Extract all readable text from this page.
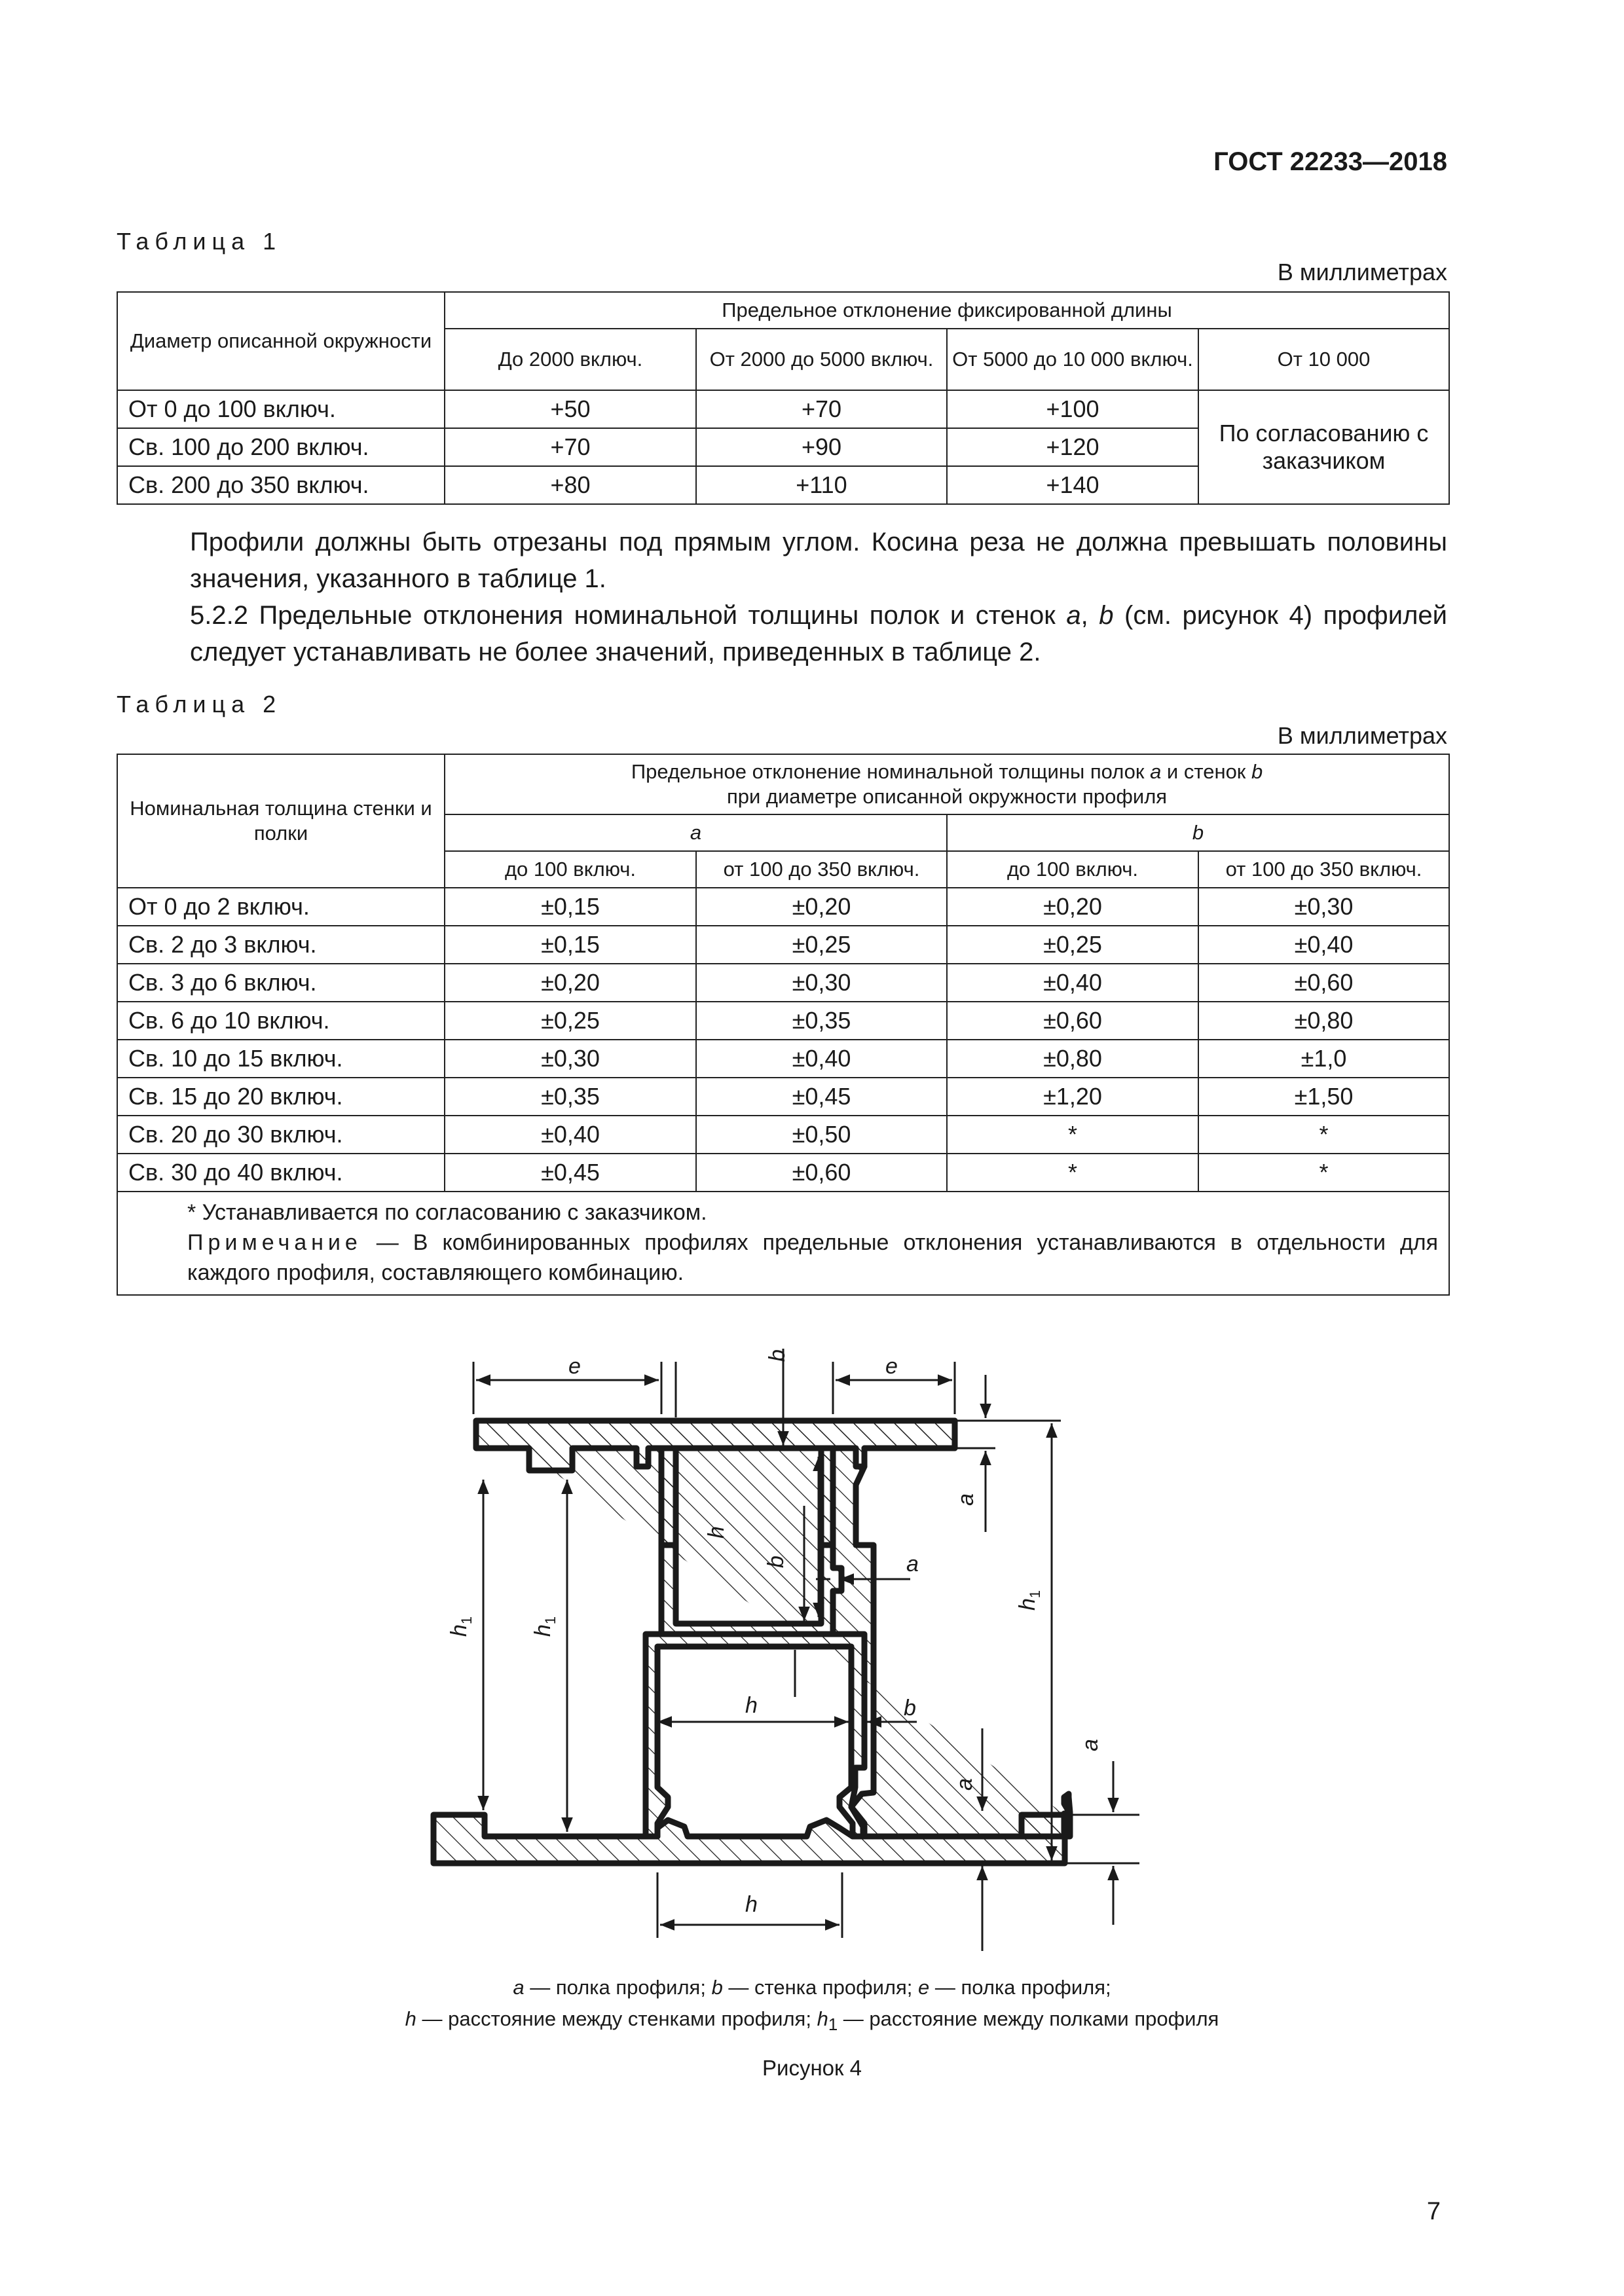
ГОСТ 22233—2018
Таблица 1
В миллиметрах
Диаметр описанной окружности	Предельное отклонение фиксированной длины			
	До 2000 включ.	От 2000 до 5000 включ.	От 5000 до 10 000 включ.	От 10 000
От 0 до 100 включ.	+50	+70	+100	По согласованию с заказчиком
Св. 100 до 200 включ.	+70	+90	+120	
Св. 200 до 350 включ.	+80	+110	+140	
Профили должны быть отрезаны под прямым углом. Косина реза не должна превышать половины значения, указанного в таблице 1.
5.2.2 Предельные отклонения номинальной толщины полок и стенок a, b (см. рисунок 4) профилей следует устанавливать не более значений, приведенных в таблице 2.
Таблица 2
В миллиметрах
Номинальная толщина стенки и полки	Предельное отклонение номинальной толщины полок a и стенок b
при диаметре описанной окружности профиля			
	a		b	
	до 100 включ.	от 100 до 350 включ.	до 100 включ.	от 100 до 350 включ.
От 0 до 2 включ.	±0,15	±0,20	±0,20	±0,30
Св. 2 до 3 включ.	±0,15	±0,25	±0,25	±0,40
Св. 3 до 6 включ.	±0,20	±0,30	±0,40	±0,60
Св. 6 до 10 включ.	±0,25	±0,35	±0,60	±0,80
Св. 10 до 15 включ.	±0,30	±0,40	±0,80	±1,0
Св. 15 до 20 включ.	±0,35	±0,45	±1,20	±1,50
Св. 20 до 30 включ.	±0,40	±0,50	*	*
Св. 30 до 40 включ.	±0,45	±0,60	*	*

* Устанавливается по согласованию с заказчиком.
Примечание — В комбинированных профилях предельные отклонения устанавливаются в отдельности для каждого профиля, составляющего комбинацию.				
e	e
b
a
h
b	a
h	b
a
a
h
$h_1$
$h_1$
$h_1$
a — полка профиля; b — стенка профиля; e — полка профиля;
h — расстояние между стенками профиля; $h_1$ — расстояние между полками профиля
Рисунок 4
7
